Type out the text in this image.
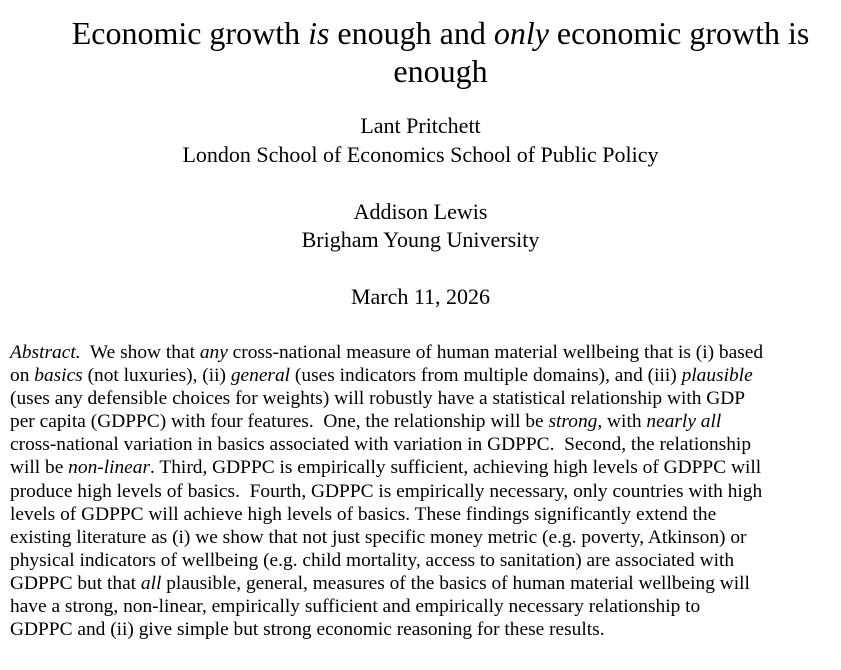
Economic growth is enough and only economic growth is
enough

Lant Pritchett

London School of Economics School of Public Policy

Addison Lewis

Brigham Young University

March 11, 2026

Abstract.  We show that any cross-national measure of human material wellbeing that is (i) based
on basics (not luxuries), (ii) general (uses indicators from multiple domains), and (iii) plausible
(uses any defensible choices for weights) will robustly have a statistical relationship with GDP
per capita (GDPPC) with four features.  One, the relationship will be strong, with nearly all
cross-national variation in basics associated with variation in GDPPC.  Second, the relationship
will be non-linear. Third, GDPPC is empirically sufficient, achieving high levels of GDPPC will
produce high levels of basics.  Fourth, GDPPC is empirically necessary, only countries with high
levels of GDPPC will achieve high levels of basics. These findings significantly extend the
existing literature as (i) we show that not just specific money metric (e.g. poverty, Atkinson) or
physical indicators of wellbeing (e.g. child mortality, access to sanitation) are associated with
GDPPC but that all plausible, general, measures of the basics of human material wellbeing will
have a strong, non-linear, empirically sufficient and empirically necessary relationship to
GDPPC and (ii) give simple but strong economic reasoning for these results.
